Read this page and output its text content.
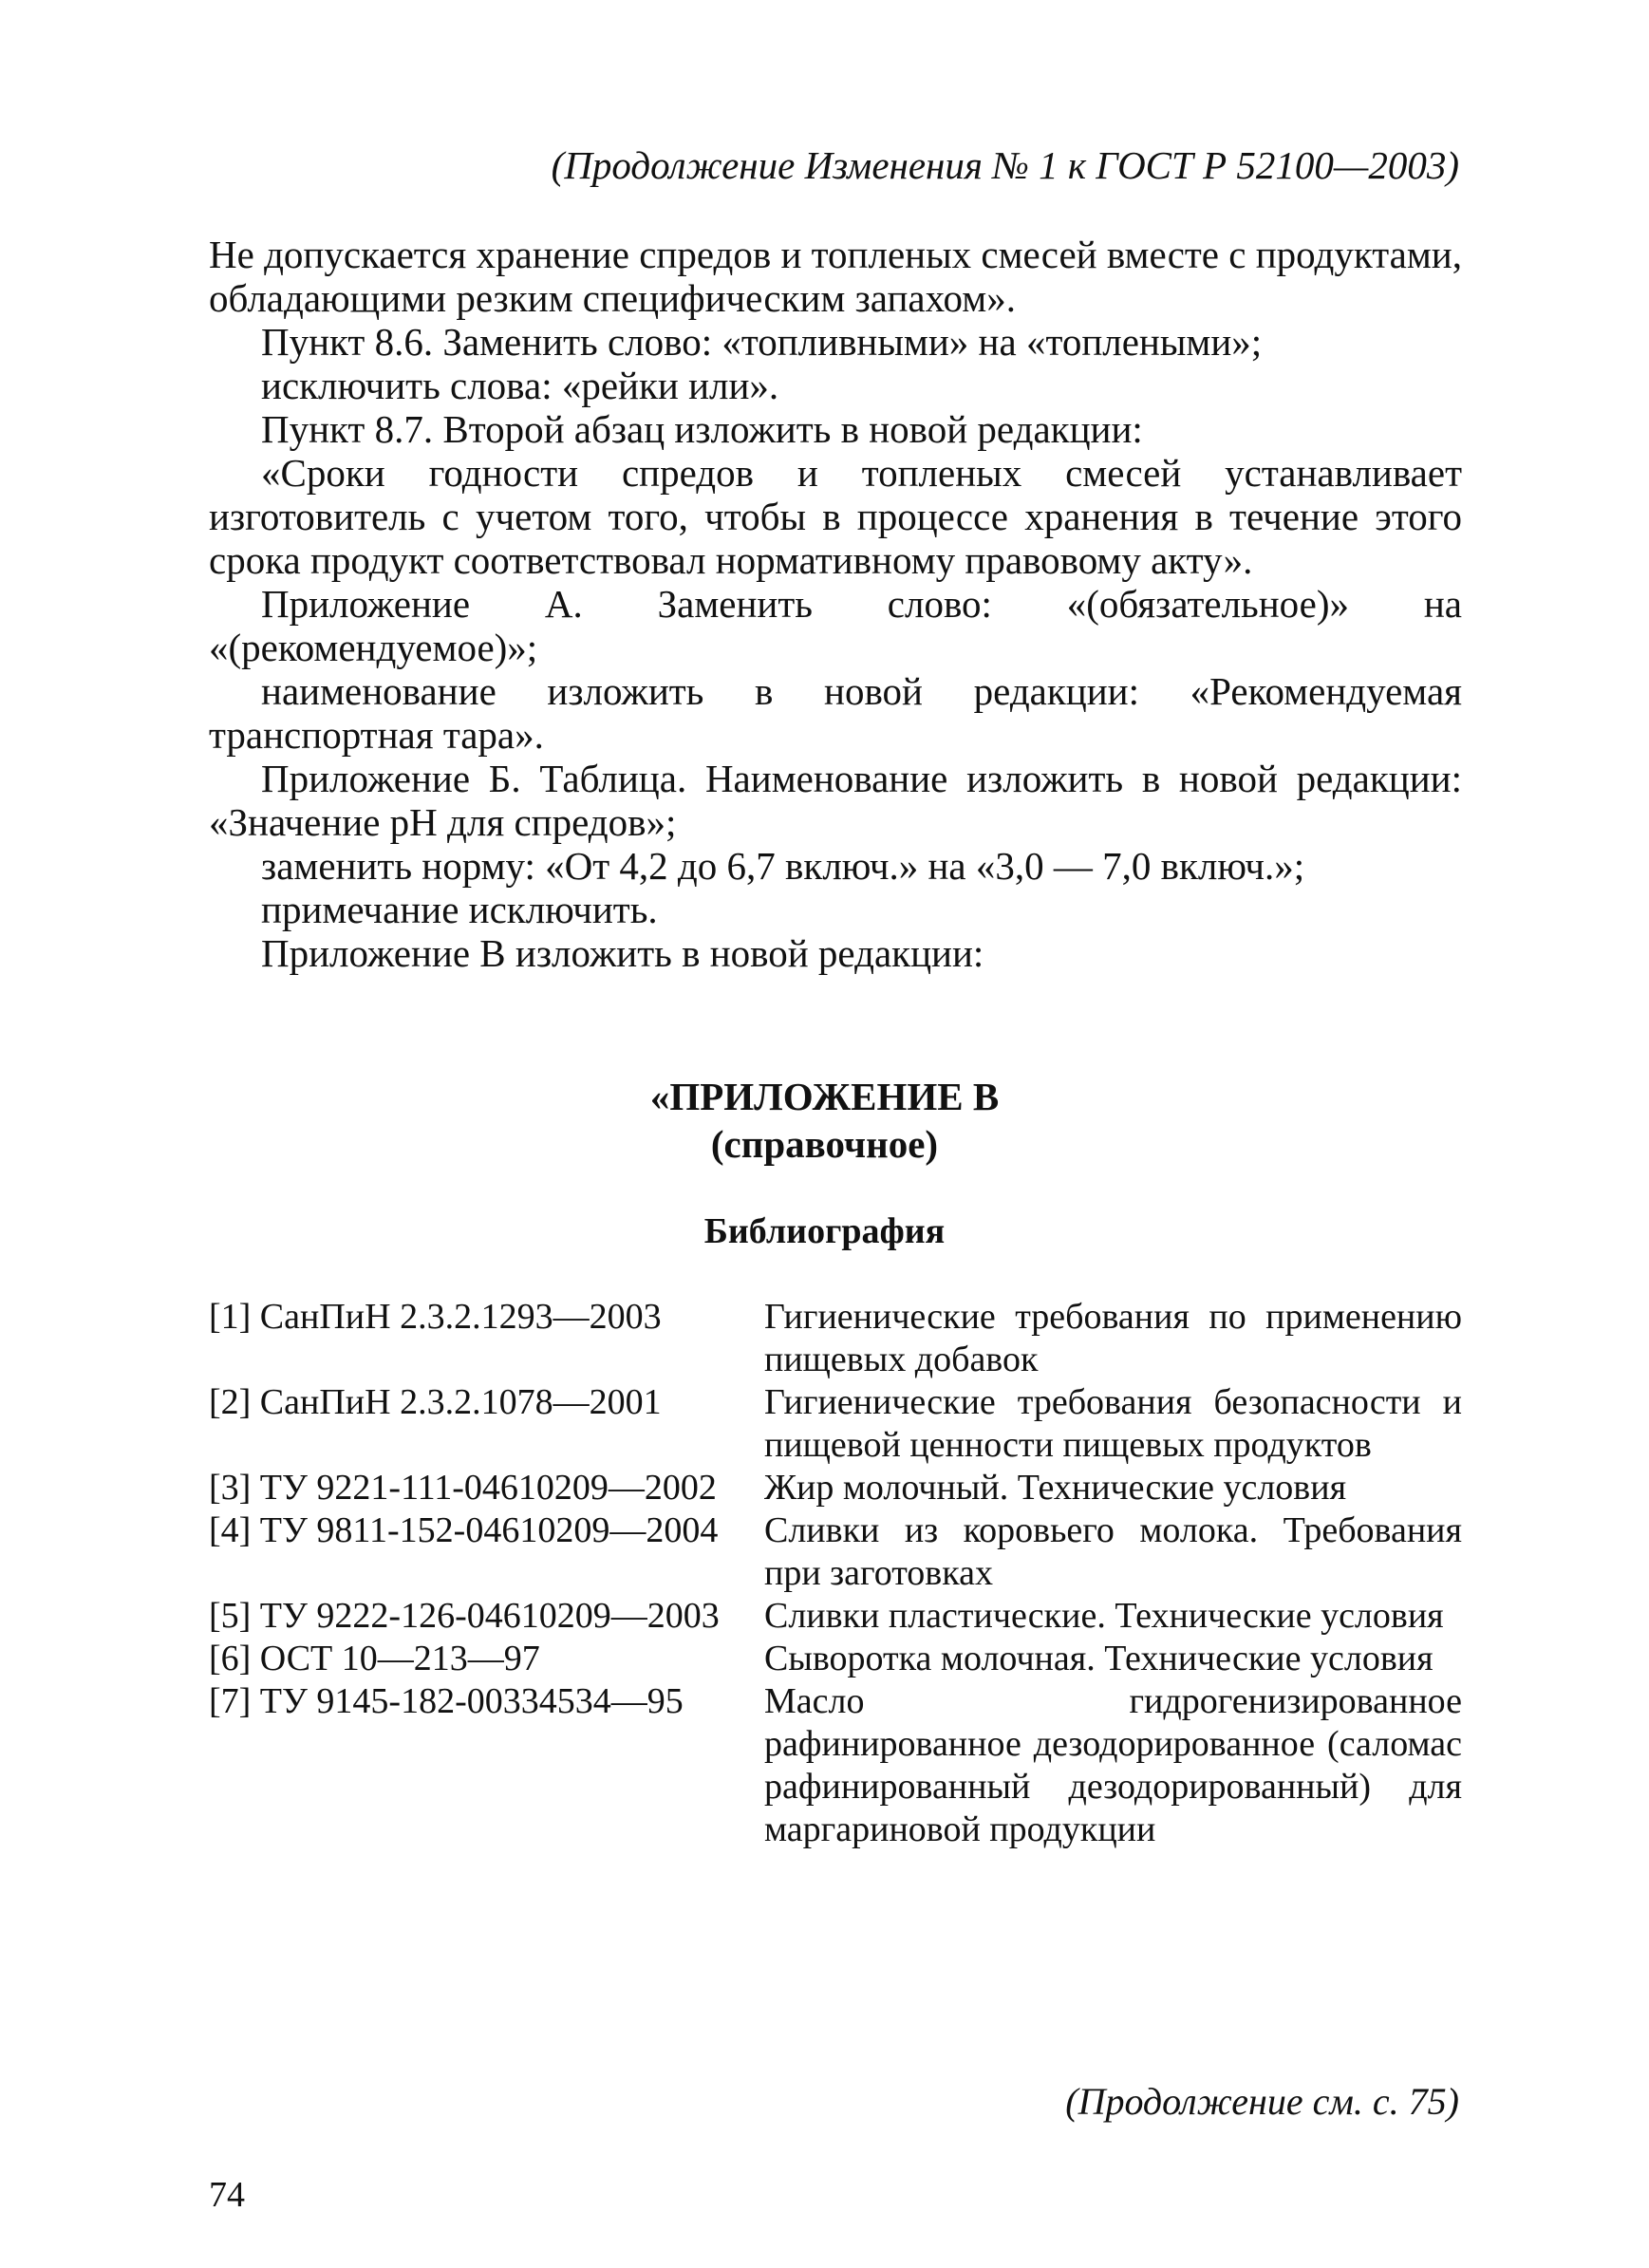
(Продолжение Изменения № 1 к ГОСТ Р 52100—2003)

Не допускается хранение спредов и топленых смесей вместе с продуктами, обладающими резким специфическим запахом».

Пункт 8.6. Заменить слово: «топливными» на «топлеными»;

исключить слова: «рейки или».

Пункт 8.7. Второй абзац изложить в новой редакции:

«Сроки годности спредов и топленых смесей устанавливает изготовитель с учетом того, чтобы в процессе хранения в течение этого срока продукт соответствовал нормативному правовому акту».

Приложение А. Заменить слово: «(обязательное)» на «(рекомендуемое)»;

наименование изложить в новой редакции: «Рекомендуемая транспортная тара».

Приложение Б. Таблица. Наименование изложить в новой редакции: «Значение pH для спредов»;

заменить норму: «От 4,2 до 6,7 включ.» на «3,0 — 7,0 включ.»;

примечание исключить.

Приложение В изложить в новой редакции:

«ПРИЛОЖЕНИЕ В
(справочное)
Библиография
[1] СанПиН 2.3.2.1293—2003	Гигиенические требования по применению пищевых добавок
[2] СанПиН 2.3.2.1078—2001	Гигиенические требования безопасности и пищевой ценности пищевых продуктов
[3] ТУ 9221-111-04610209—2002	Жир молочный. Технические условия
[4] ТУ 9811-152-04610209—2004	Сливки из коровьего молока. Требования при заготовках
[5] ТУ 9222-126-04610209—2003	Сливки пластические. Технические условия
[6] ОСТ 10—213—97	Сыворотка молочная. Технические условия
[7] ТУ 9145-182-00334534—95	Масло гидрогенизированное рафинированное дезодорированное (саломас рафинированный дезодорированный) для маргариновой продукции
(Продолжение см. с. 75)
74
